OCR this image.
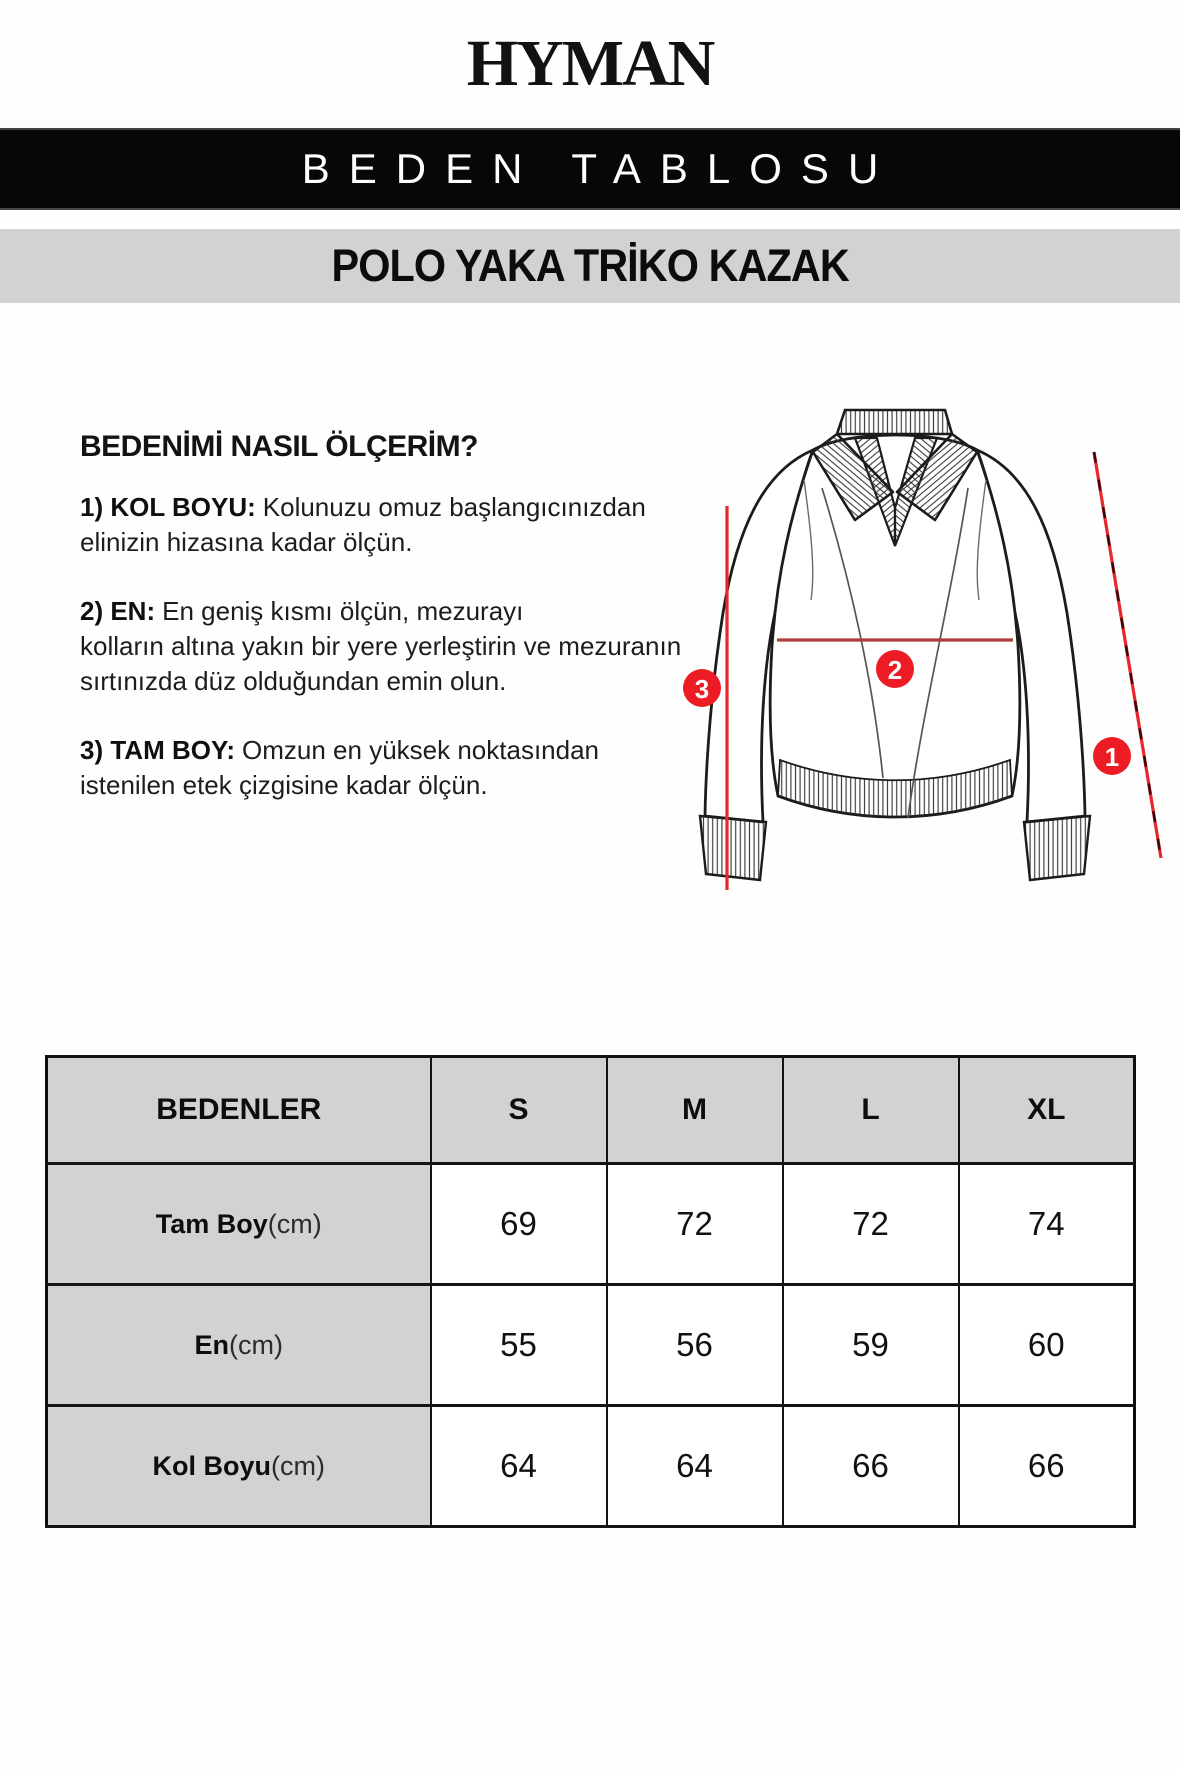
HYMAN
BEDEN TABLOSU
POLO YAKA TRİKO KAZAK
BEDENİMİ NASIL ÖLÇERİM?
1) KOL BOYU: Kolunuzu omuz başlangıcınızdan
elinizin hizasına kadar ölçün.
2) EN: En geniş kısmı ölçün, mezurayı
kolların altına yakın bir yere yerleştirin ve mezuranın
sırtınızda düz olduğundan emin olun.
3) TAM BOY: Omzun en yüksek noktasından
istenilen etek çizgisine kadar ölçün.
3
2
1
BEDENLER	S	M	L	XL
Tam Boy(cm)	69	72	72	74
En(cm)	55	56	59	60
Kol Boyu(cm)	64	64	66	66
